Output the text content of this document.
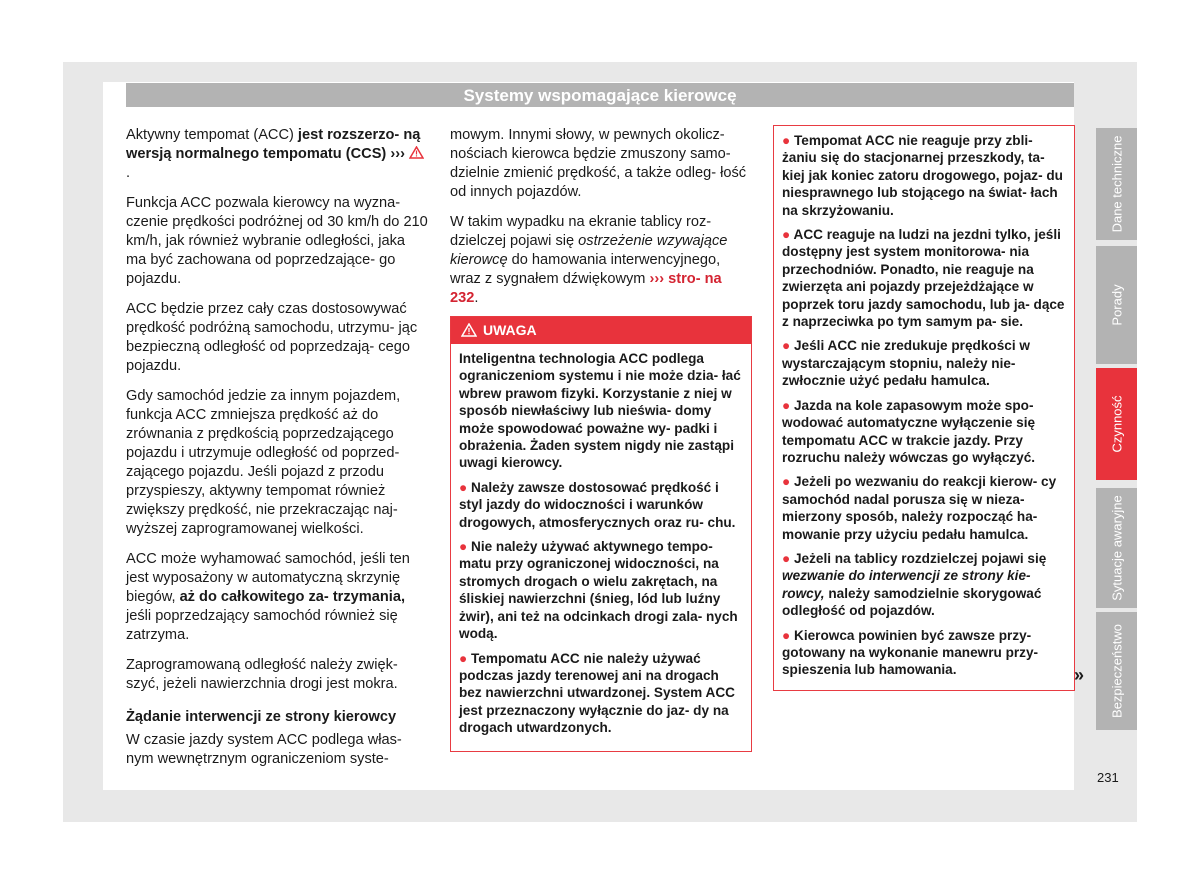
Systemy wspomagające kierowcę

Aktywny tempomat (ACC) jest rozszerzo- ną wersją normalnego tempomatu (CCS) ››› .

Funkcja ACC pozwala kierowcy na wyzna- czenie prędkości podróżnej od 30 km/h do 210 km/h, jak również wybranie odległości, jaka ma być zachowana od poprzedzające- go pojazdu.

ACC będzie przez cały czas dostosowywać prędkość podróżną samochodu, utrzymu- jąc bezpieczną odległość od poprzedzają- cego pojazdu.

Gdy samochód jedzie za innym pojazdem, funkcja ACC zmniejsza prędkość aż do zrównania z prędkością poprzedzającego pojazdu i utrzymuje odległość od poprzed- zającego pojazdu. Jeśli pojazd z przodu przyspieszy, aktywny tempomat również zwiększy prędkość, nie przekraczając naj- wyższej zaprogramowanej wielkości.

ACC może wyhamować samochód, jeśli ten jest wyposażony w automatyczną skrzynię biegów, aż do całkowitego za- trzymania, jeśli poprzedzający samochód również się zatrzyma.

Zaprogramowaną odległość należy zwięk- szyć, jeżeli nawierzchnia drogi jest mokra.

Żądanie interwencji ze strony kierowcy

W czasie jazdy system ACC podlega włas- nym wewnętrznym ograniczeniom syste-

mowym. Innymi słowy, w pewnych okolicz- nościach kierowca będzie zmuszony samo- dzielnie zmienić prędkość, a także odleg- łość od innych pojazdów.

W takim wypadku na ekranie tablicy roz- dzielczej pojawi się ostrzeżenie wzywające kierowcę do hamowania interwencyjnego, wraz z sygnałem dźwiękowym ››› stro- na 232.

UWAGA

Inteligentna technologia ACC podlega ograniczeniom systemu i nie może dzia- łać wbrew prawom fizyki. Korzystanie z niej w sposób niewłaściwy lub nieświa- domy może spowodować poważne wy- padki i obrażenia. Żaden system nigdy nie zastąpi uwagi kierowcy.

● Należy zawsze dostosować prędkość i styl jazdy do widoczności i warunków drogowych, atmosferycznych oraz ru- chu.

● Nie należy używać aktywnego tempo- matu przy ograniczonej widoczności, na stromych drogach o wielu zakrętach, na śliskiej nawierzchni (śnieg, lód lub luźny żwir), ani też na odcinkach drogi zala- nych wodą.

● Tempomatu ACC nie należy używać podczas jazdy terenowej ani na drogach bez nawierzchni utwardzonej. System ACC jest przeznaczony wyłącznie do jaz- dy na drogach utwardzonych.

● Tempomat ACC nie reaguje przy zbli- żaniu się do stacjonarnej przeszkody, ta- kiej jak koniec zatoru drogowego, pojaz- du niesprawnego lub stojącego na świat- łach na skrzyżowaniu.

● ACC reaguje na ludzi na jezdni tylko, jeśli dostępny jest system monitorowa- nia przechodniów. Ponadto, nie reaguje na zwierzęta ani pojazdy przejeżdżające w poprzek toru jazdy samochodu, lub ja- dące z naprzeciwka po tym samym pa- sie.

● Jeśli ACC nie zredukuje prędkości w wystarczającym stopniu, należy nie- zwłocznie użyć pedału hamulca.

● Jazda na kole zapasowym może spo- wodować automatyczne wyłączenie się tempomatu ACC w trakcie jazdy. Przy rozruchu należy wówczas go wyłączyć.

● Jeżeli po wezwaniu do reakcji kierow- cy samochód nadal porusza się w nieza- mierzony sposób, należy rozpocząć ha- mowanie przy użyciu pedału hamulca.

● Jeżeli na tablicy rozdzielczej pojawi się wezwanie do interwencji ze strony kie- rowcy, należy samodzielnie skorygować odległość od pojazdów.

● Kierowca powinien być zawsze przy- gotowany na wykonanie manewru przy- spieszenia lub hamowania.	»
Dane techniczne
Porady
Czynność
Sytuacje awaryjne
Bezpieczeństwo
231
